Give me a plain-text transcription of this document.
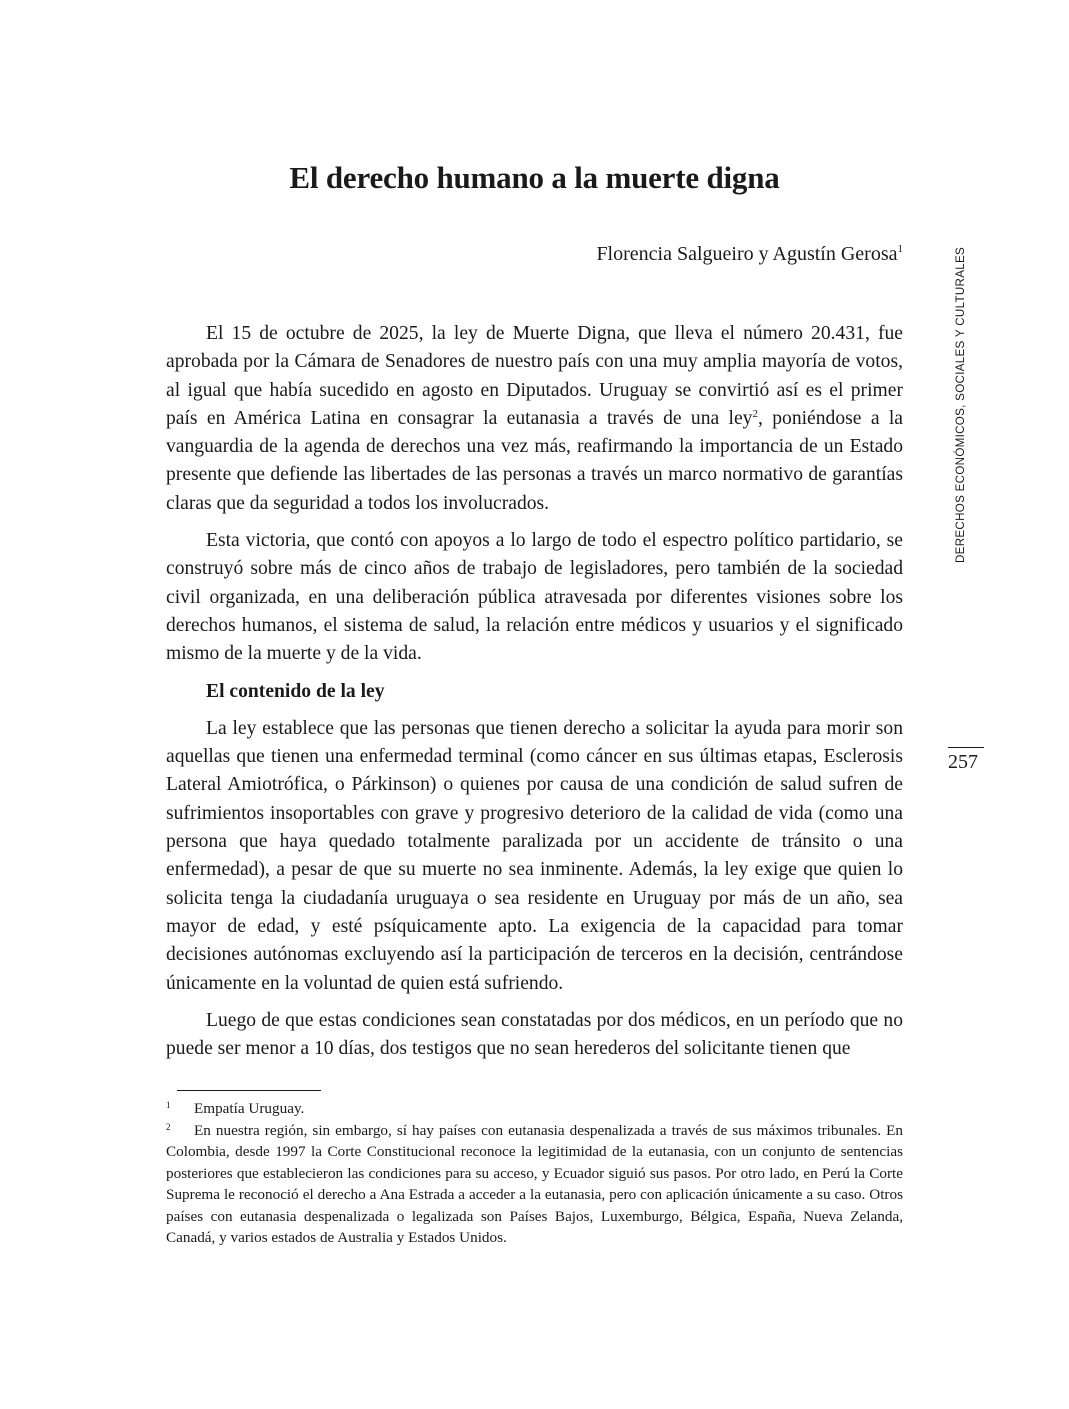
El derecho humano a la muerte digna
Florencia Salgueiro y Agustín Gerosa$^1$

El 15 de octubre de 2025, la ley de Muerte Digna, que lleva el número 20.431, fue aprobada por la Cámara de Senadores de nuestro país con una muy amplia mayoría de votos, al igual que había sucedido en agosto en Diputados. Uruguay se convirtió así es el primer país en América Latina en consagrar la eutanasia a través de una ley$^2$, poniéndose a la vanguardia de la agenda de derechos una vez más, reafirmando la importancia de un Estado presente que defiende las libertades de las personas a través un marco normativo de garantías claras que da seguridad a todos los involucrados.

Esta victoria, que contó con apoyos a lo largo de todo el espectro político partidario, se construyó sobre más de cinco años de trabajo de legisladores, pero también de la sociedad civil organizada, en una deliberación pública atravesada por diferentes visiones sobre los derechos humanos, el sistema de salud, la relación entre médicos y usuarios y el significado mismo de la muerte y de la vida.

El contenido de la ley

La ley establece que las personas que tienen derecho a solicitar la ayuda para morir son aquellas que tienen una enfermedad terminal (como cáncer en sus últimas etapas, Esclerosis Lateral Amiotrófica, o Párkinson) o quienes por causa de una condición de salud sufren de sufrimientos insoportables con grave y progresivo deterioro de la calidad de vida (como una persona que haya quedado totalmente paralizada por un accidente de tránsito o una enfermedad), a pesar de que su muerte no sea inminente. Además, la ley exige que quien lo solicita tenga la ciudadanía uruguaya o sea residente en Uruguay por más de un año, sea mayor de edad, y esté psíquicamente apto. La exigencia de la capacidad para tomar decisiones autónomas excluyendo así la participación de terceros en la decisión, centrándose únicamente en la voluntad de quien está sufriendo.

Luego de que estas condiciones sean constatadas por dos médicos, en un período que no puede ser menor a 10 días, dos testigos que no sean herederos del solicitante tienen que

DERECHOS ECONÓMICOS, SOCIALES Y CULTURALES
257

1 Empatía Uruguay.

2 En nuestra región, sin embargo, sí hay países con eutanasia despenalizada a través de sus máximos tribunales. En Colombia, desde 1997 la Corte Constitucional reconoce la legitimidad de la eutanasia, con un conjunto de sentencias posteriores que establecieron las condiciones para su acceso, y Ecuador siguió sus pasos. Por otro lado, en Perú la Corte Suprema le reconoció el derecho a Ana Estrada a acceder a la eutanasia, pero con aplicación únicamente a su caso. Otros países con eutanasia despenalizada o legalizada son Países Bajos, Luxemburgo, Bélgica, España, Nueva Zelanda, Canadá, y varios estados de Australia y Estados Unidos.
